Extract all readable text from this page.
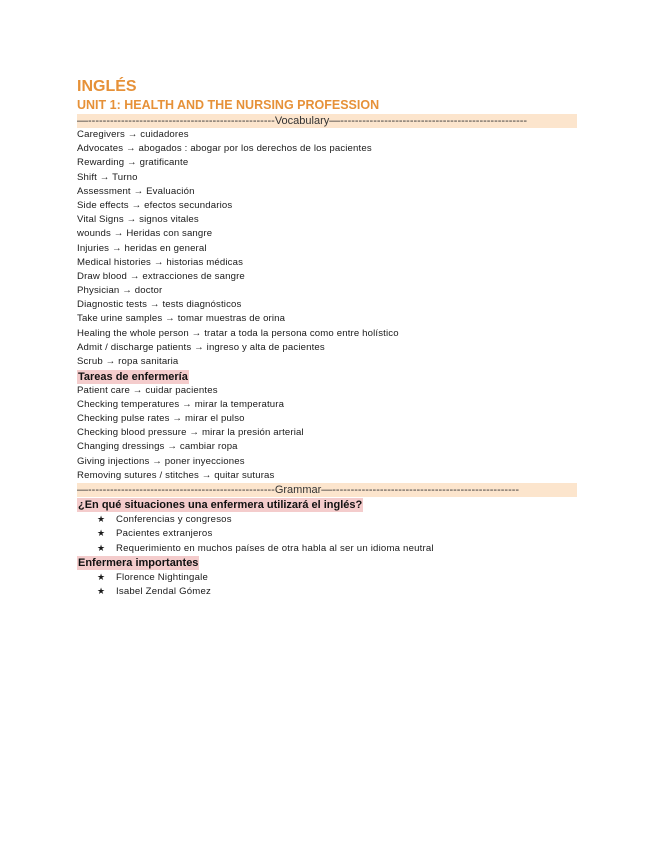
INGLÉS
UNIT 1: HEALTH AND THE NURSING PROFESSION
—---------------------------------------------------Vocabulary—---------------------------------------------------
Caregivers → cuidadores
Advocates → abogados : abogar por los derechos de los pacientes
Rewarding → gratificante
Shift → Turno
Assessment → Evaluación
Side effects → efectos secundarios
Vital Signs → signos vitales
wounds → Heridas con sangre
Injuries → heridas en general
Medical histories → historias médicas
Draw blood → extracciones de sangre
Physician → doctor
Diagnostic tests → tests diagnósticos
Take urine samples → tomar muestras de orina
Healing the whole person → tratar a toda la persona como entre holístico
Admit / discharge patients → ingreso y alta de pacientes
Scrub → ropa sanitaria
Tareas de enfermería
Patient care → cuidar pacientes
Checking temperatures → mirar la temperatura
Checking pulse rates → mirar el pulso
Checking blood pressure → mirar la presión arterial
Changing dressings → cambiar ropa
Giving injections → poner inyecciones
Removing sutures / stitches → quitar suturas
—---------------------------------------------------Grammar—---------------------------------------------------
¿En qué situaciones una enfermera utilizará el inglés?
★ Conferencias y congresos
★ Pacientes extranjeros
★ Requerimiento en muchos países de otra habla al ser un idioma neutral
Enfermera importantes
★ Florence Nightingale
★ Isabel Zendal Gómez
